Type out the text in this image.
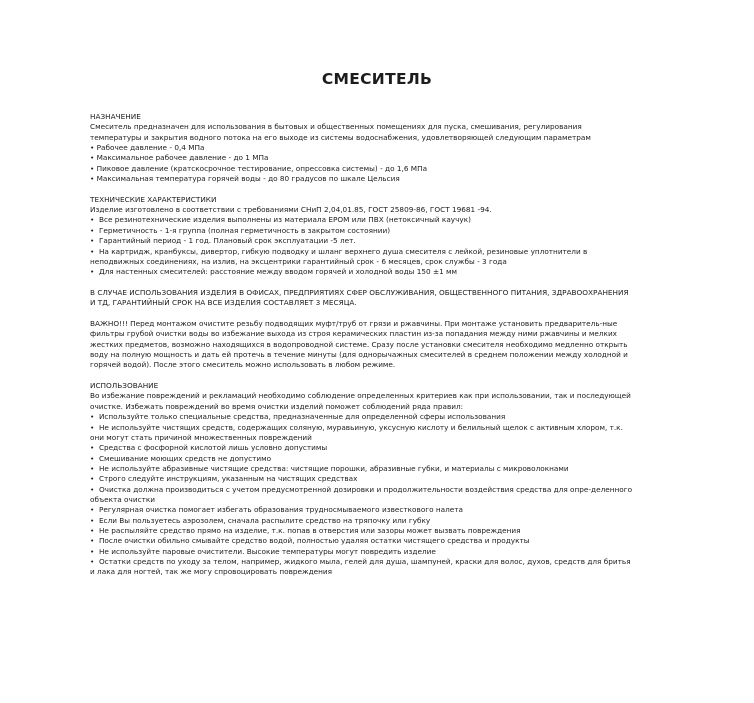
СМЕСИТЕЛЬ
НАЗНАЧЕНИЕ
Смеситель предназначен для использования в бытовых и общественных помещениях для пуска, смешивания, регулирования температуры и закрытия водного потока на его выходе из системы водоснабжения, удовлетворяющей следующим параметрам
• Рабочее давление - 0,4 МПа
• Максимальное рабочее давление - до 1 МПа
• Пиковое давление (кратскосрочное тестирование, опрессовка системы) - до 1,6 МПа
• Максимальная температура горячей воды - до 80 градусов по шкале Цельсия
ТЕХНИЧЕСКИЕ ХАРАКТЕРИСТИКИ
Изделие изготовлено в соответствии с требованиями СНиП 2,04,01.85, ГОСТ 25809-86, ГОСТ 19681 -94.
•  Все резинотехнические изделия выполнены из материала EPOM или ПВХ (нетоксичный каучук)
•  Герметичность - 1-я группа (полная герметичность в закрытом состоянии)
•  Гарантийный период - 1 год. Плановый срок эксплуатации -5 лет.
•  На картридж, кранбуксы, дивертор, гибкую подводку и шланг верхнего душа смесителя с лейкой, резиновые уплотнители в неподвижных соединениях, на излив, на эксцентрики гарантийный срок - 6 месяцев, срок службы - 3 года
•  Для настенных смесителей: расстояние между вводом горячей и холодной воды 150 ±1 мм
В СЛУЧАЕ ИСПОЛЬЗОВАНИЯ ИЗДЕЛИЯ В ОФИСАХ, ПРЕДПРИЯТИЯХ СФЕР ОБСЛУЖИВАНИЯ, ОБЩЕСТВЕННОГО ПИТАНИЯ, ЗДРАВООХРАНЕНИЯ И ТД, ГАРАНТИЙНЫЙ СРОК НА ВСЕ ИЗДЕЛИЯ СОСТАВЛЯЕТ 3 МЕСЯЦА.
ВАЖНО!!! Перед монтажом очистите резьбу подводящих муфт/труб от грязи и ржавчины. При монтаже установить предваритель-ные фильтры грубой очистки воды во избежание выхода из строя керамических пластин из-за попадания между ними ржавчины и мелких жестких предметов, возможно находящихся в водопроводной системе. Сразу после установки смесителя необходимо медленно открыть воду на полную мощность и дать ей протечь в течение минуты (для однорычажных смесителей в среднем положении между холодной и горячей водой). После этого смеситель можно использовать в любом режиме.
ИСПОЛЬЗОВАНИЕ
Во избежание повреждений и рекламаций необходимо соблюдение определенных критериев как при использовании, так и последующей очистке. Избежать повреждений во время очистки изделий поможет соблюдений ряда правил:
•  Используйте только специальные средства, предназначенные для определенной сферы использования
•  Не используйте чистящих средств, содержащих соляную, муравьиную, уксусную кислоту и белильный щелок с активным хлором, т.к. они могут стать причиной множественных повреждений
•  Средства с фосфорной кислотой лишь условно допустимы
•  Смешивание моющих средств не допустимо
•  Не используйте абразивные чистящие средства: чистящие порошки, абразивные губки, и материалы с микроволокнами
•  Строго следуйте инструкциям, указанным на чистящих средствах
•  Очистка должна производиться с учетом предусмотренной дозировки и продолжительности воздействия средства для опре-деленного объекта очистки
•  Регулярная очистка помогает избегать образования трудносмываемого известкового налета
•  Если Вы пользуетесь аэрозолем, сначала распылите средство на тряпочку или губку
•  Не распыляйте средство прямо на изделие, т.к. попав в отверстия или зазоры может вызвать повреждения
•  После очистки обильно смывайте средство водой, полностью удаляя остатки чистящего средства и продукты
•  Не используйте паровые очистители. Высокие температуры могут повредить изделие
•  Остатки средств по уходу за телом, например, жидкого мыла, гелей для душа, шампуней, краски для волос, духов, средств для бритья и лака для ногтей, так же могу спровоцировать повреждения
